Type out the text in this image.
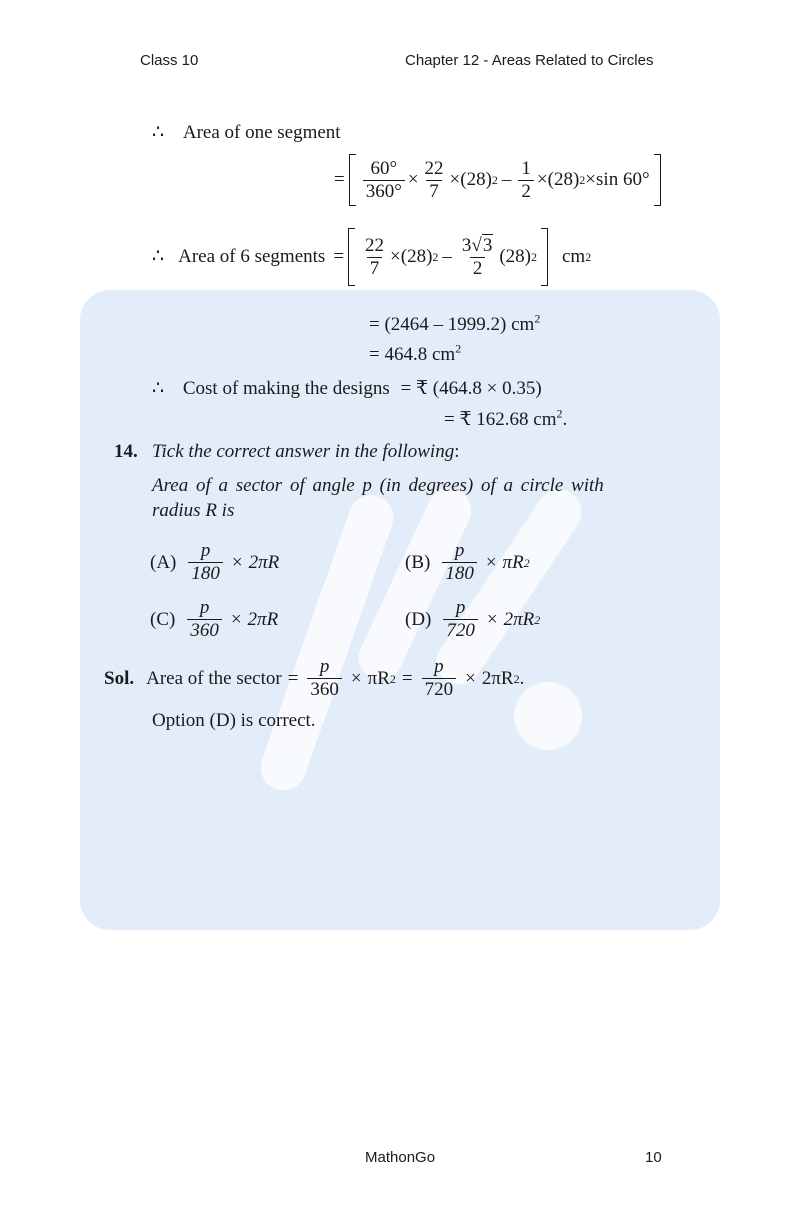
Class 10	Chapter 12 - Areas Related to Circles
∴ Area of one segment
= $\frac{60^\circ}{360^\circ} \times \frac{22}{7} \times (28)$ $2 - \frac{1}{2} \times (28) 2 \times \sin 60^\circ$
∴ Area of 6 segments = $\frac{22}{7} \times (28)$ $2 - \frac{3√3}{2} (28)$ 2 cm 2
= (2464 – 1999.2) $cm^2$
= 464.8 $cm^2$
∴ Cost of making the designs = ₹ (464.8 × 0.35)
= ₹ 162.68 $cm^2$.
14. Tick the correct answer in the following:
Area of a sector of angle p (in degrees) of a circle with
radius R is
$(A) \frac{p}{180} \times 2\pi R$	$(B) \frac{p}{180} \times \pi R$ 2
$(C) \frac{p}{360} \times 2\pi R$	$(D) \frac{p}{720} \times 2\pi R$ 2
Sol. Area of the sector = $\frac{p}{360} \times \pi R$ $2 = \frac{p}{720} \times 2\pi R$ 2 .
Option (D) is correct.
MathonGo	10
